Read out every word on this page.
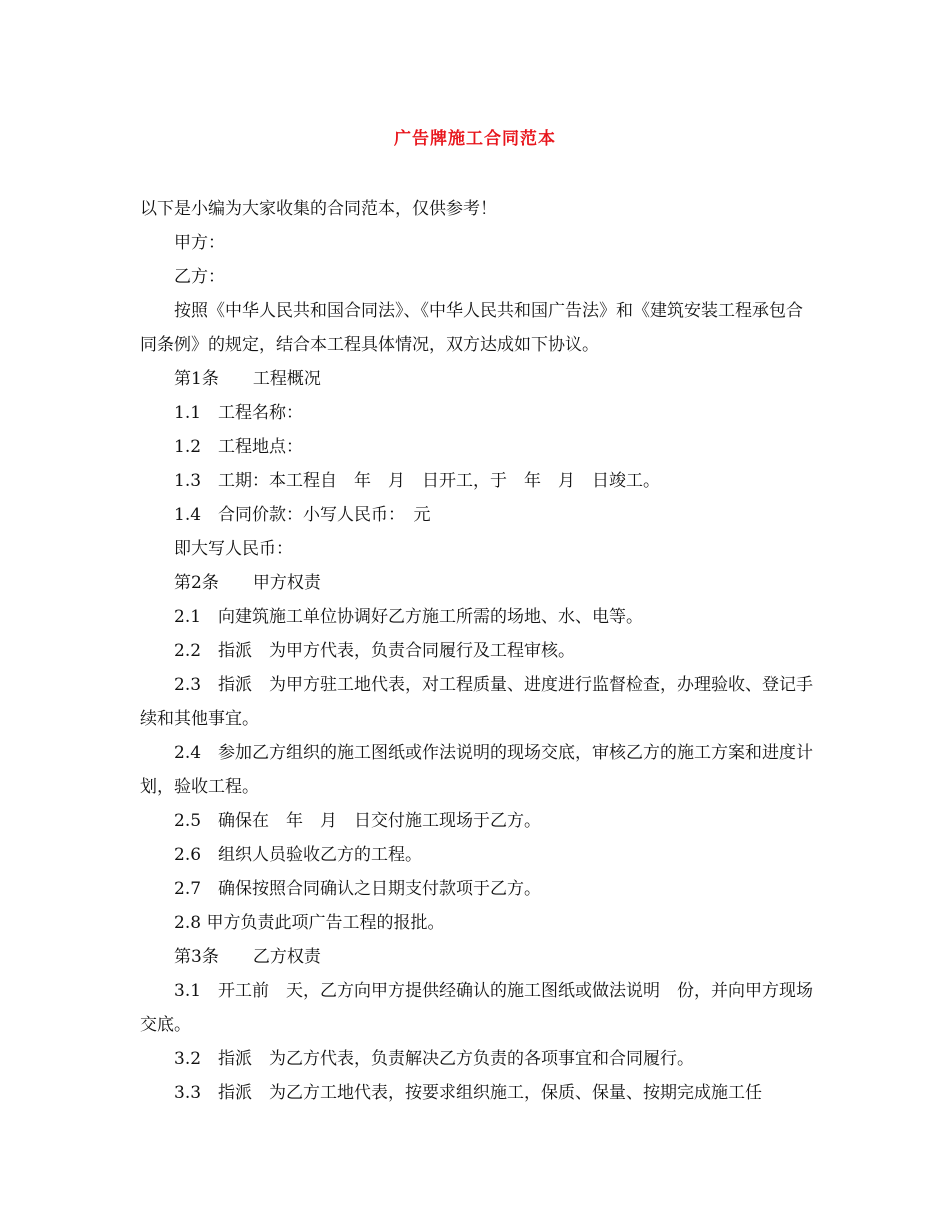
广告牌施工合同范本

以下是小编为大家收集的合同范本，仅供参考！

甲方：

乙方：

按照《中华人民共和国合同法》、《中华人民共和国广告法》和《建筑安装工程承包合同条例》的规定，结合本工程具体情况，双方达成如下协议。

第1条　　工程概况

1.1　工程名称：

1.2　工程地点：

1.3　工期：本工程自　年　月　日开工，于　年　月　日竣工。

1.4　合同价款：小写人民币：　元

即大写人民币：

第2条　　甲方权责

2.1　向建筑施工单位协调好乙方施工所需的场地、水、电等。

2.2　指派　为甲方代表，负责合同履行及工程审核。

2.3　指派　为甲方驻工地代表，对工程质量、进度进行监督检查，办理验收、登记手续和其他事宜。

2.4　参加乙方组织的施工图纸或作法说明的现场交底，审核乙方的施工方案和进度计划，验收工程。

2.5　确保在　年　月　日交付施工现场于乙方。

2.6　组织人员验收乙方的工程。

2.7　确保按照合同确认之日期支付款项于乙方。

2.8 甲方负责此项广告工程的报批。

第3条　　乙方权责

3.1　开工前　天，乙方向甲方提供经确认的施工图纸或做法说明　份，并向甲方现场交底。

3.2　指派　为乙方代表，负责解决乙方负责的各项事宜和合同履行。

3.3　指派　为乙方工地代表，按要求组织施工，保质、保量、按期完成施工任
